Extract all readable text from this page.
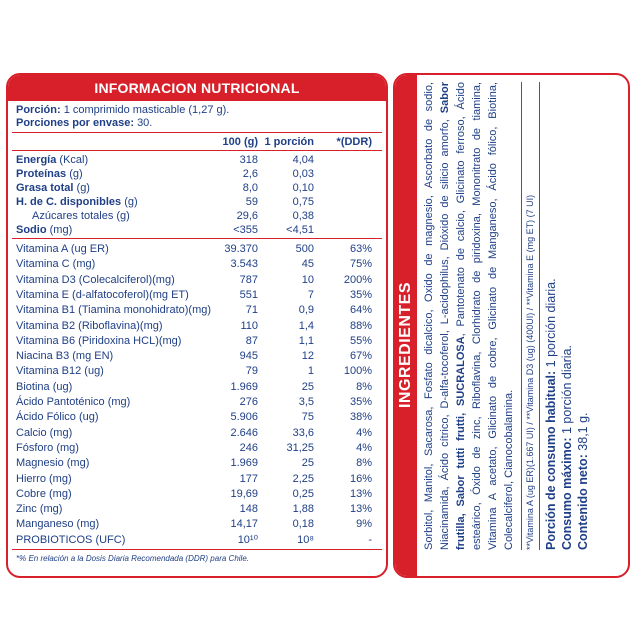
INFORMACION NUTRICIONAL
Porción: 1 comprimido masticable (1,27 g).
Porciones por envase: 30.
100 (g) 1 porción *(DDR)
Energía (Kcal)	318	4,04
Proteínas (g)	2,6	0,03
Grasa total (g)	8,0	0,10
H. de C. disponibles (g)	59	0,75
Azúcares totales (g)	29,6	0,38
Sodio (mg)	<355	<4,51
Vitamina A (ug ER)	39.370	500	63%
Vitamina C (mg)	3.543	45	75%
Vitamina D3 (Colecalciferol)(mg)	787	10	200%
Vitamina E (d-alfatocoferol)(mg ET)	551	7	35%
Vitamina B1 (Tiamina monohidrato)(mg)	71	0,9	64%
Vitamina B2 (Riboflavina)(mg)	110	1,4	88%
Vitamina B6 (Piridoxina HCL)(mg)	87	1,1	55%
Niacina B3 (mg EN)	945	12	67%
Vitamina B12 (ug)	79	1	100%
Biotina (ug)	1.969	25	8%
Ácido Pantoténico (mg)	276	3,5	35%
Ácido Fólico (ug)	5.906	75	38%
Calcio (mg)	2.646	33,6	4%
Fósforo (mg)	246	31,25	4%
Magnesio (mg)	1.969	25	8%
Hierro (mg)	177	2,25	16%
Cobre (mg)	19,69	0,25	13%
Zinc (mg)	148	1,88	13%
Manganeso (mg)	14,17	0,18	9%
PROBIOTICOS (UFC)	10¹⁰	10⁸	-
*% En relación a la Dosis Diaria Recomendada (DDR) para Chile.
INGREDIENTES Sorbitol, Manitol, Sacarosa, Fosfato dicalcico, Oxido de magnesio, Ascorbato de sodio, Niacinamida, Ácido cítrico, D-alfa-tocoferol, L-acidophilus, Dióxido de silicio amorfo, Sabor frutilla, Sabor tutti frutti, SUCRALOSA, Pantotenato de calcio, Glicinato ferroso, Ácido esteárico, Óxido de zinc, Riboflavina, Clorhidrato de piridoxina, Mononitrato de tiamina, Vitamina A acetato, Glicinato de cobre, Glicinato de Manganeso, Ácido fólico, Biotina, Colecalciferol, Cianocobalamina. **Vitamina A (ug ER)(1.667 UI) / **Vitamina D3 (ug) (400UI) / **Vitamina E (mg ET) (7 UI) Porción de consumo habitual: 1 porción diaria.
Consumo máximo: 1 porción diaria.
Contenido neto: 38,1 g.
